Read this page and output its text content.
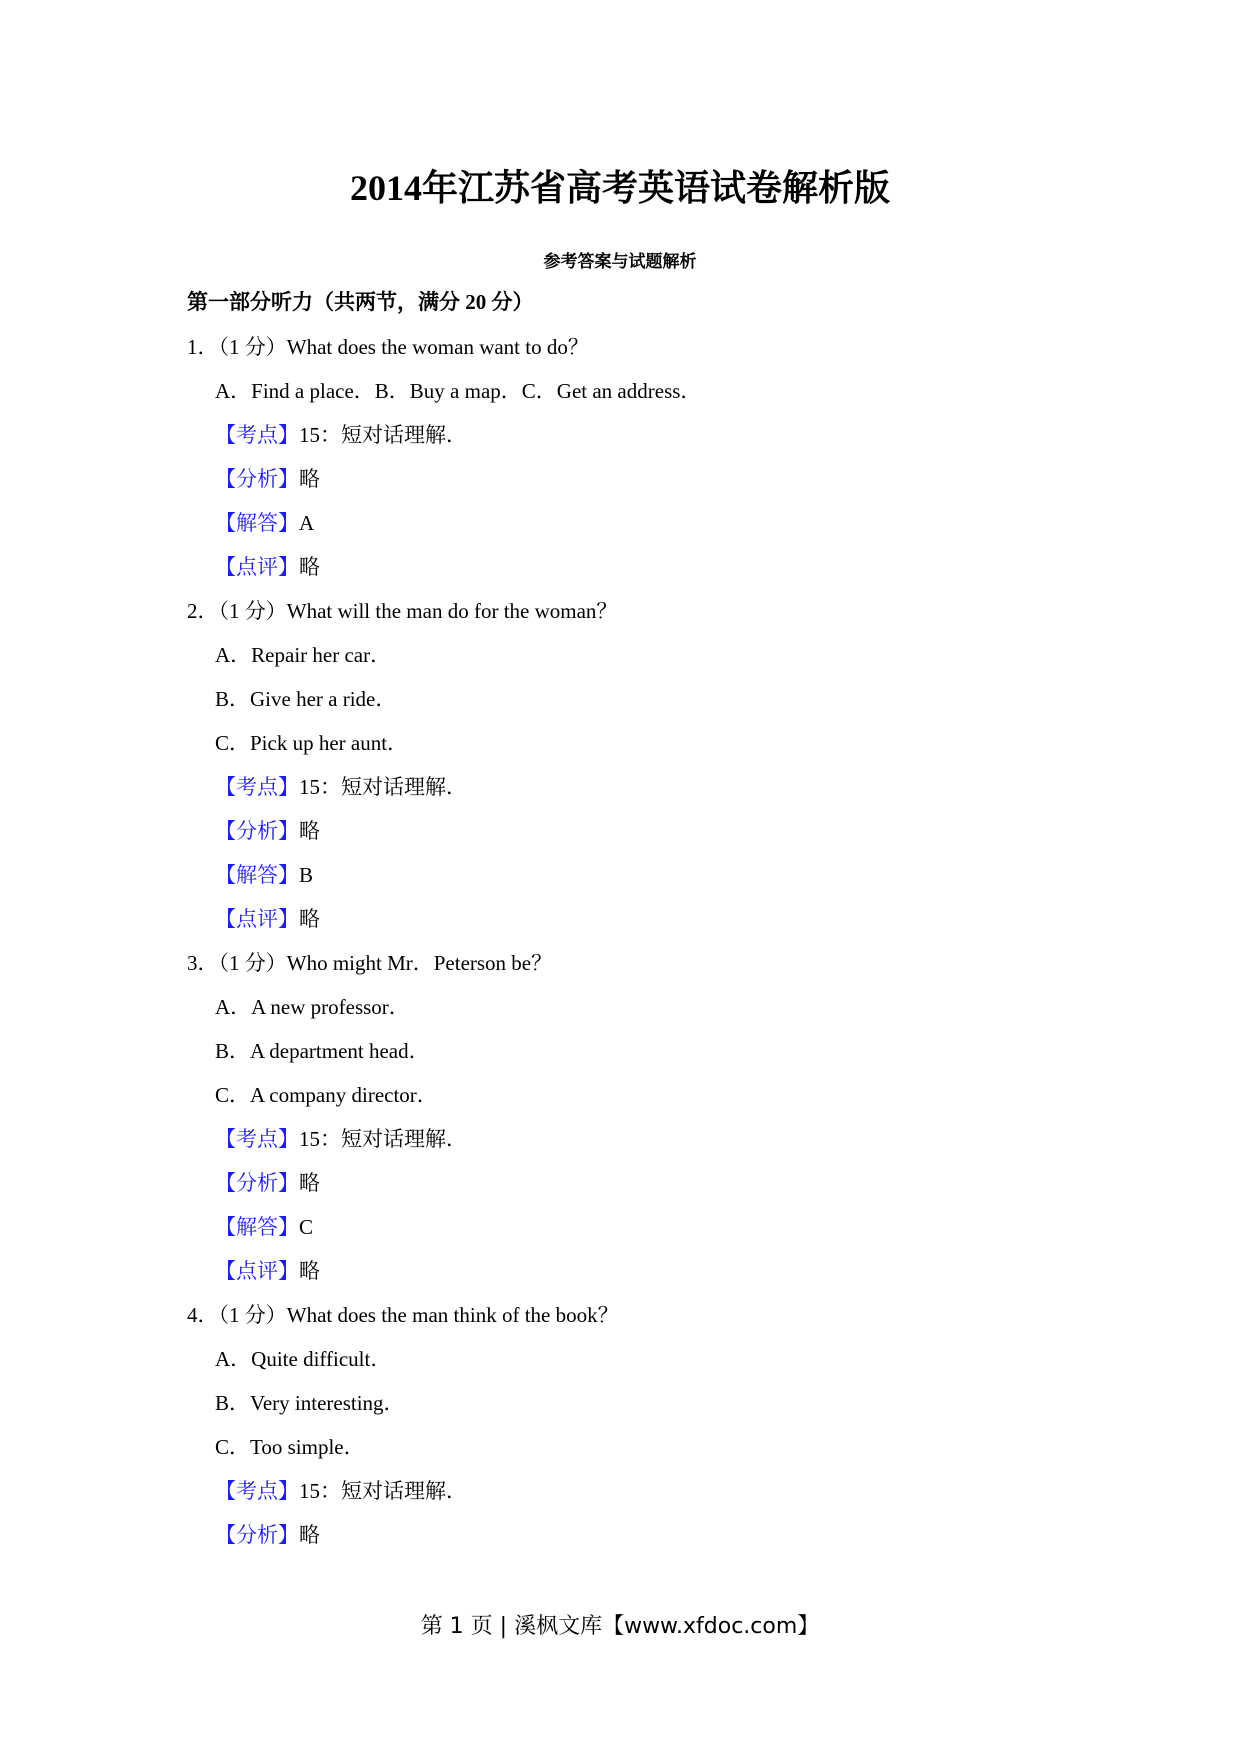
2014年江苏省高考英语试卷解析版
参考答案与试题解析
第一部分听力（共两节，满分 20 分）
1．（1 分）What does the woman want to do？
A．Find a place．B．Buy a map．C．Get an address．
【考点】15：短对话理解．
【分析】略
【解答】A
【点评】略
2．（1 分）What will the man do for the woman？
A．Repair her car．
B．Give her a ride．
C．Pick up her aunt．
【考点】15：短对话理解．
【分析】略
【解答】B
【点评】略
3．（1 分）Who might Mr．Peterson be？
A．A new professor．
B．A department head．
C．A company director．
【考点】15：短对话理解．
【分析】略
【解答】C
【点评】略
4．（1 分）What does the man think of the book？
A．Quite difficult．
B．Very interesting．
C．Too simple．
【考点】15：短对话理解．
【分析】略
第 1 页 | 溪枫文库【www.xfdoc.com】
